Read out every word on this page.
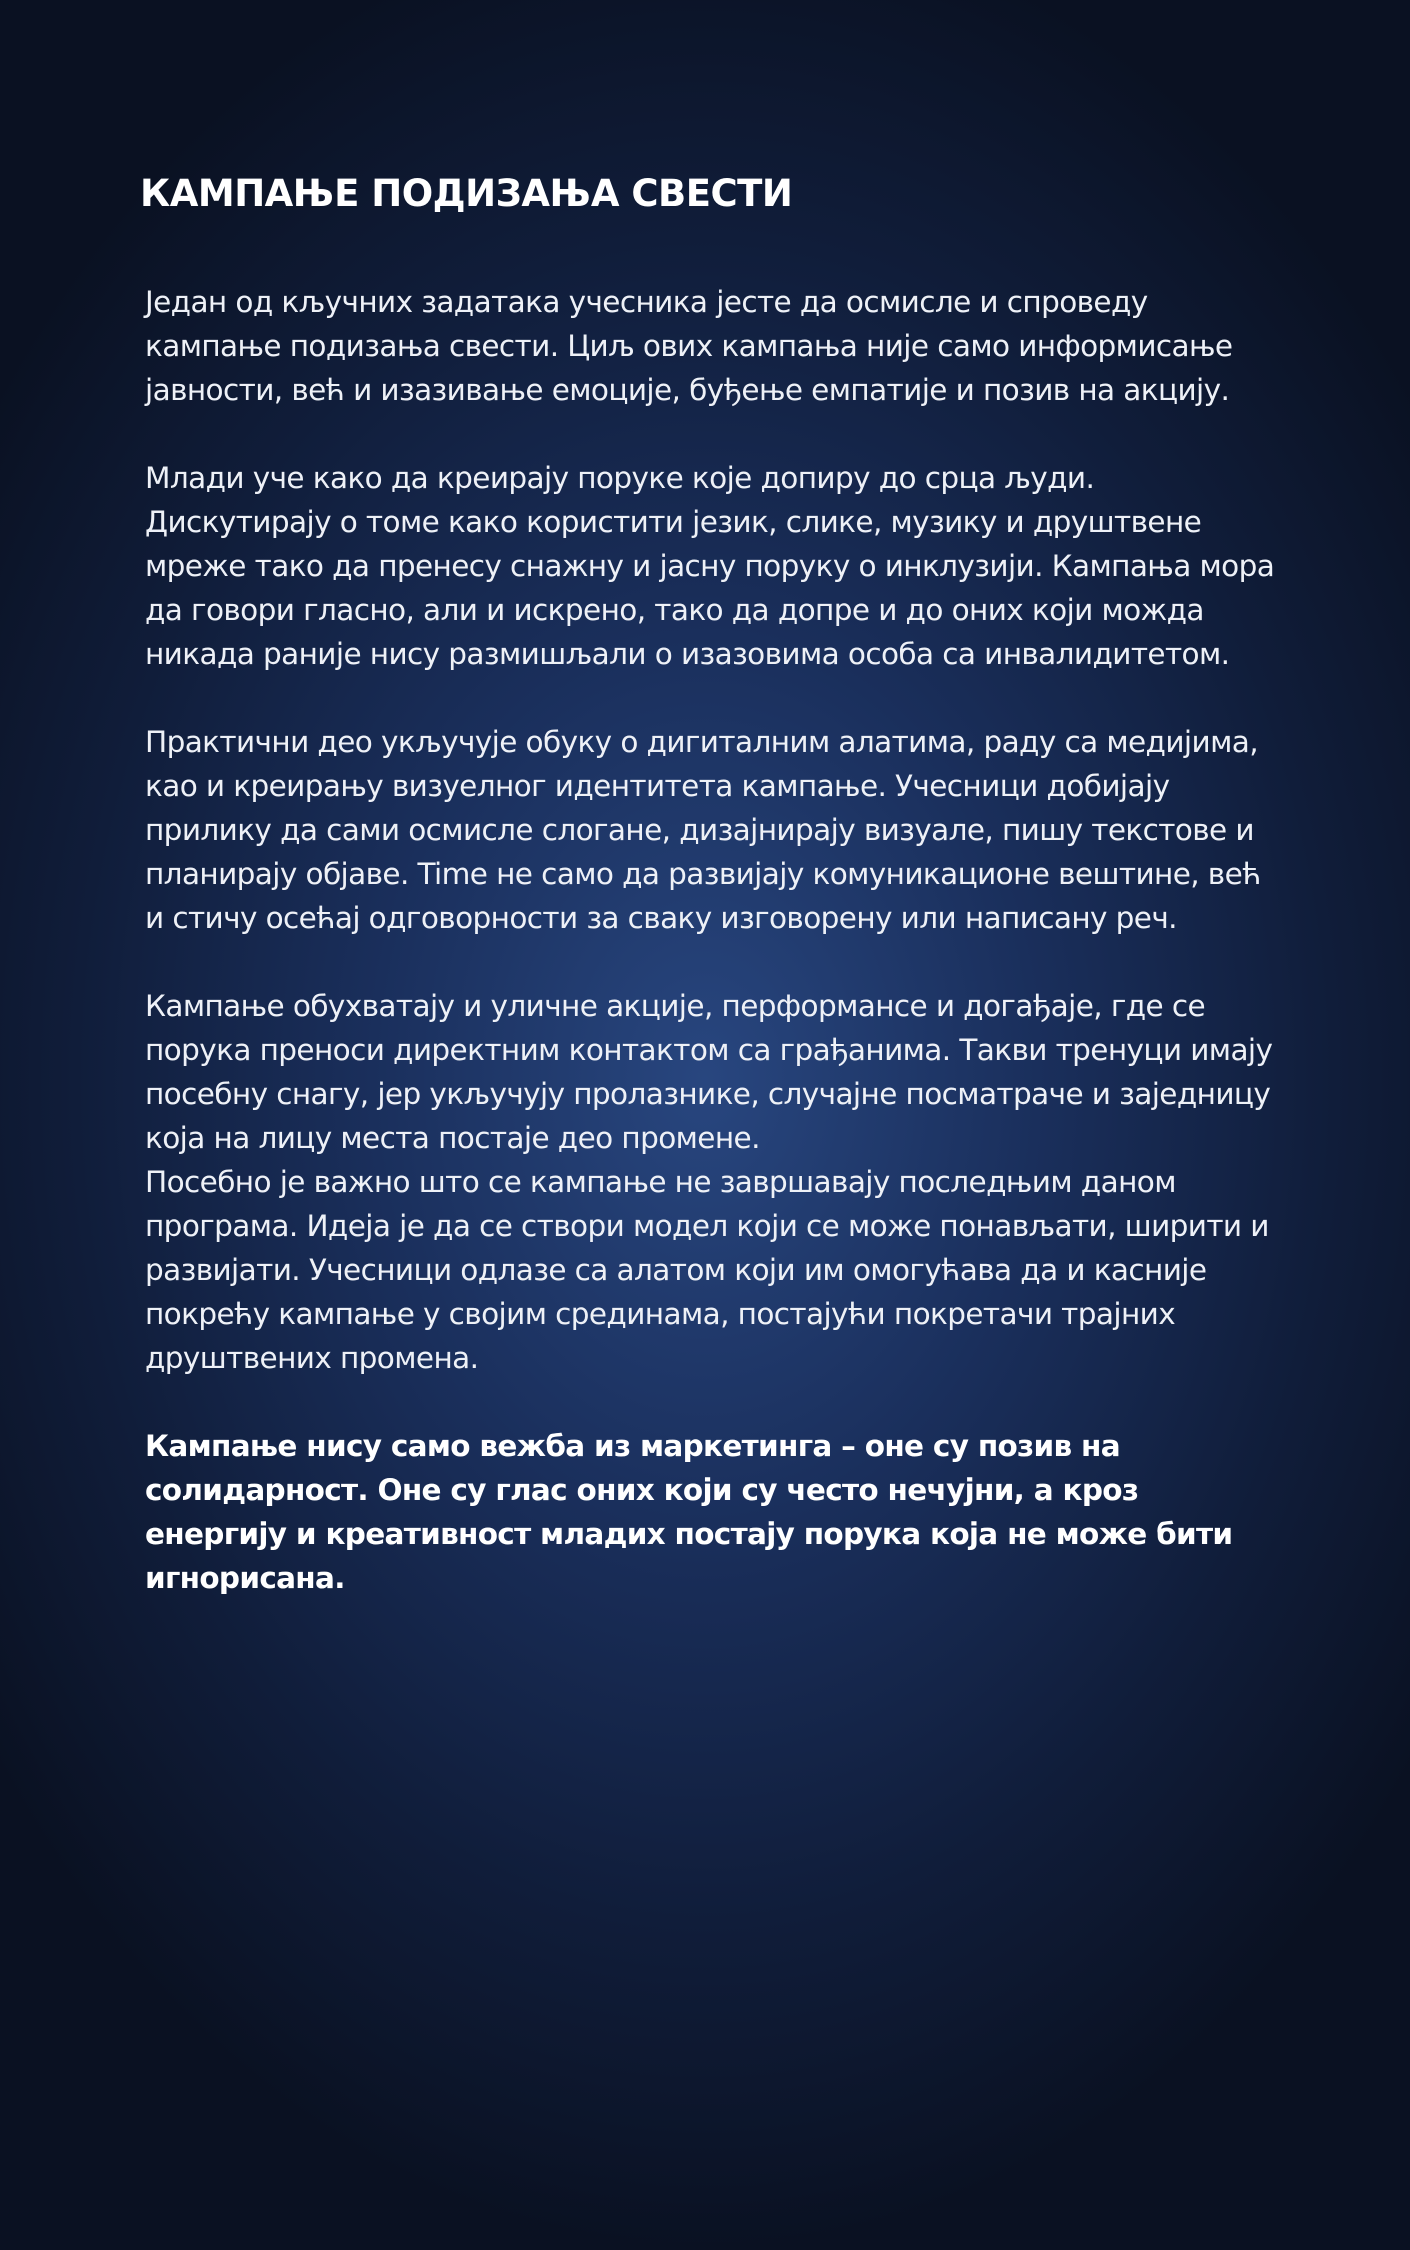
КАМПАЊЕ ПОДИЗАЊА СВЕСТИ

Један од кључних задатака учесника јесте да осмисле и спроведу кампање подизања свести. Циљ ових кампања није само информисање јавности, већ и изазивање емоције, буђење емпатије и позив на акцију.

Млади уче како да креирају поруке које допиру до срца људи. Дискутирају о томе како користити језик, слике, музику и друштвене мреже тако да пренесу снажну и јасну поруку о инклузији. Кампања мора да говори гласно, али и искрено, тако да допре и до оних који можда никада раније нису размишљали о изазовима особа са инвалидитетом.

Практични део укључује обуку о дигиталним алатима, раду са медијима, као и креирању визуелног идентитета кампање. Учесници добијају прилику да сами осмисле слогане, дизајнирају визуале, пишу текстове и планирају објаве. Time не само да развијају комуникационе вештине, већ и стичу осећај одговорности за сваку изговорену или написану реч.

Кампање обухватају и уличне акције, перформансе и догађаје, где се порука преноси директним контактом са грађанима. Такви тренуци имају посебну снагу, јер укључују пролазнике, случајне посматраче и заједницу која на лицу места постаје део промене.

Посебно је важно што се кампање не завршавају последњим даном програма. Идеја је да се створи модел који се може понављати, ширити и развијати. Учесници одлазе са алатом који им омогућава да и касније покрећу кампање у својим срединама, постајући покретачи трајних друштвених промена.

Кампање нису само вежба из маркетинга – оне су позив на солидарност. Оне су глас оних који су често нечујни, а кроз енергију и креативност младих постају порука која не може бити игнорисана.
